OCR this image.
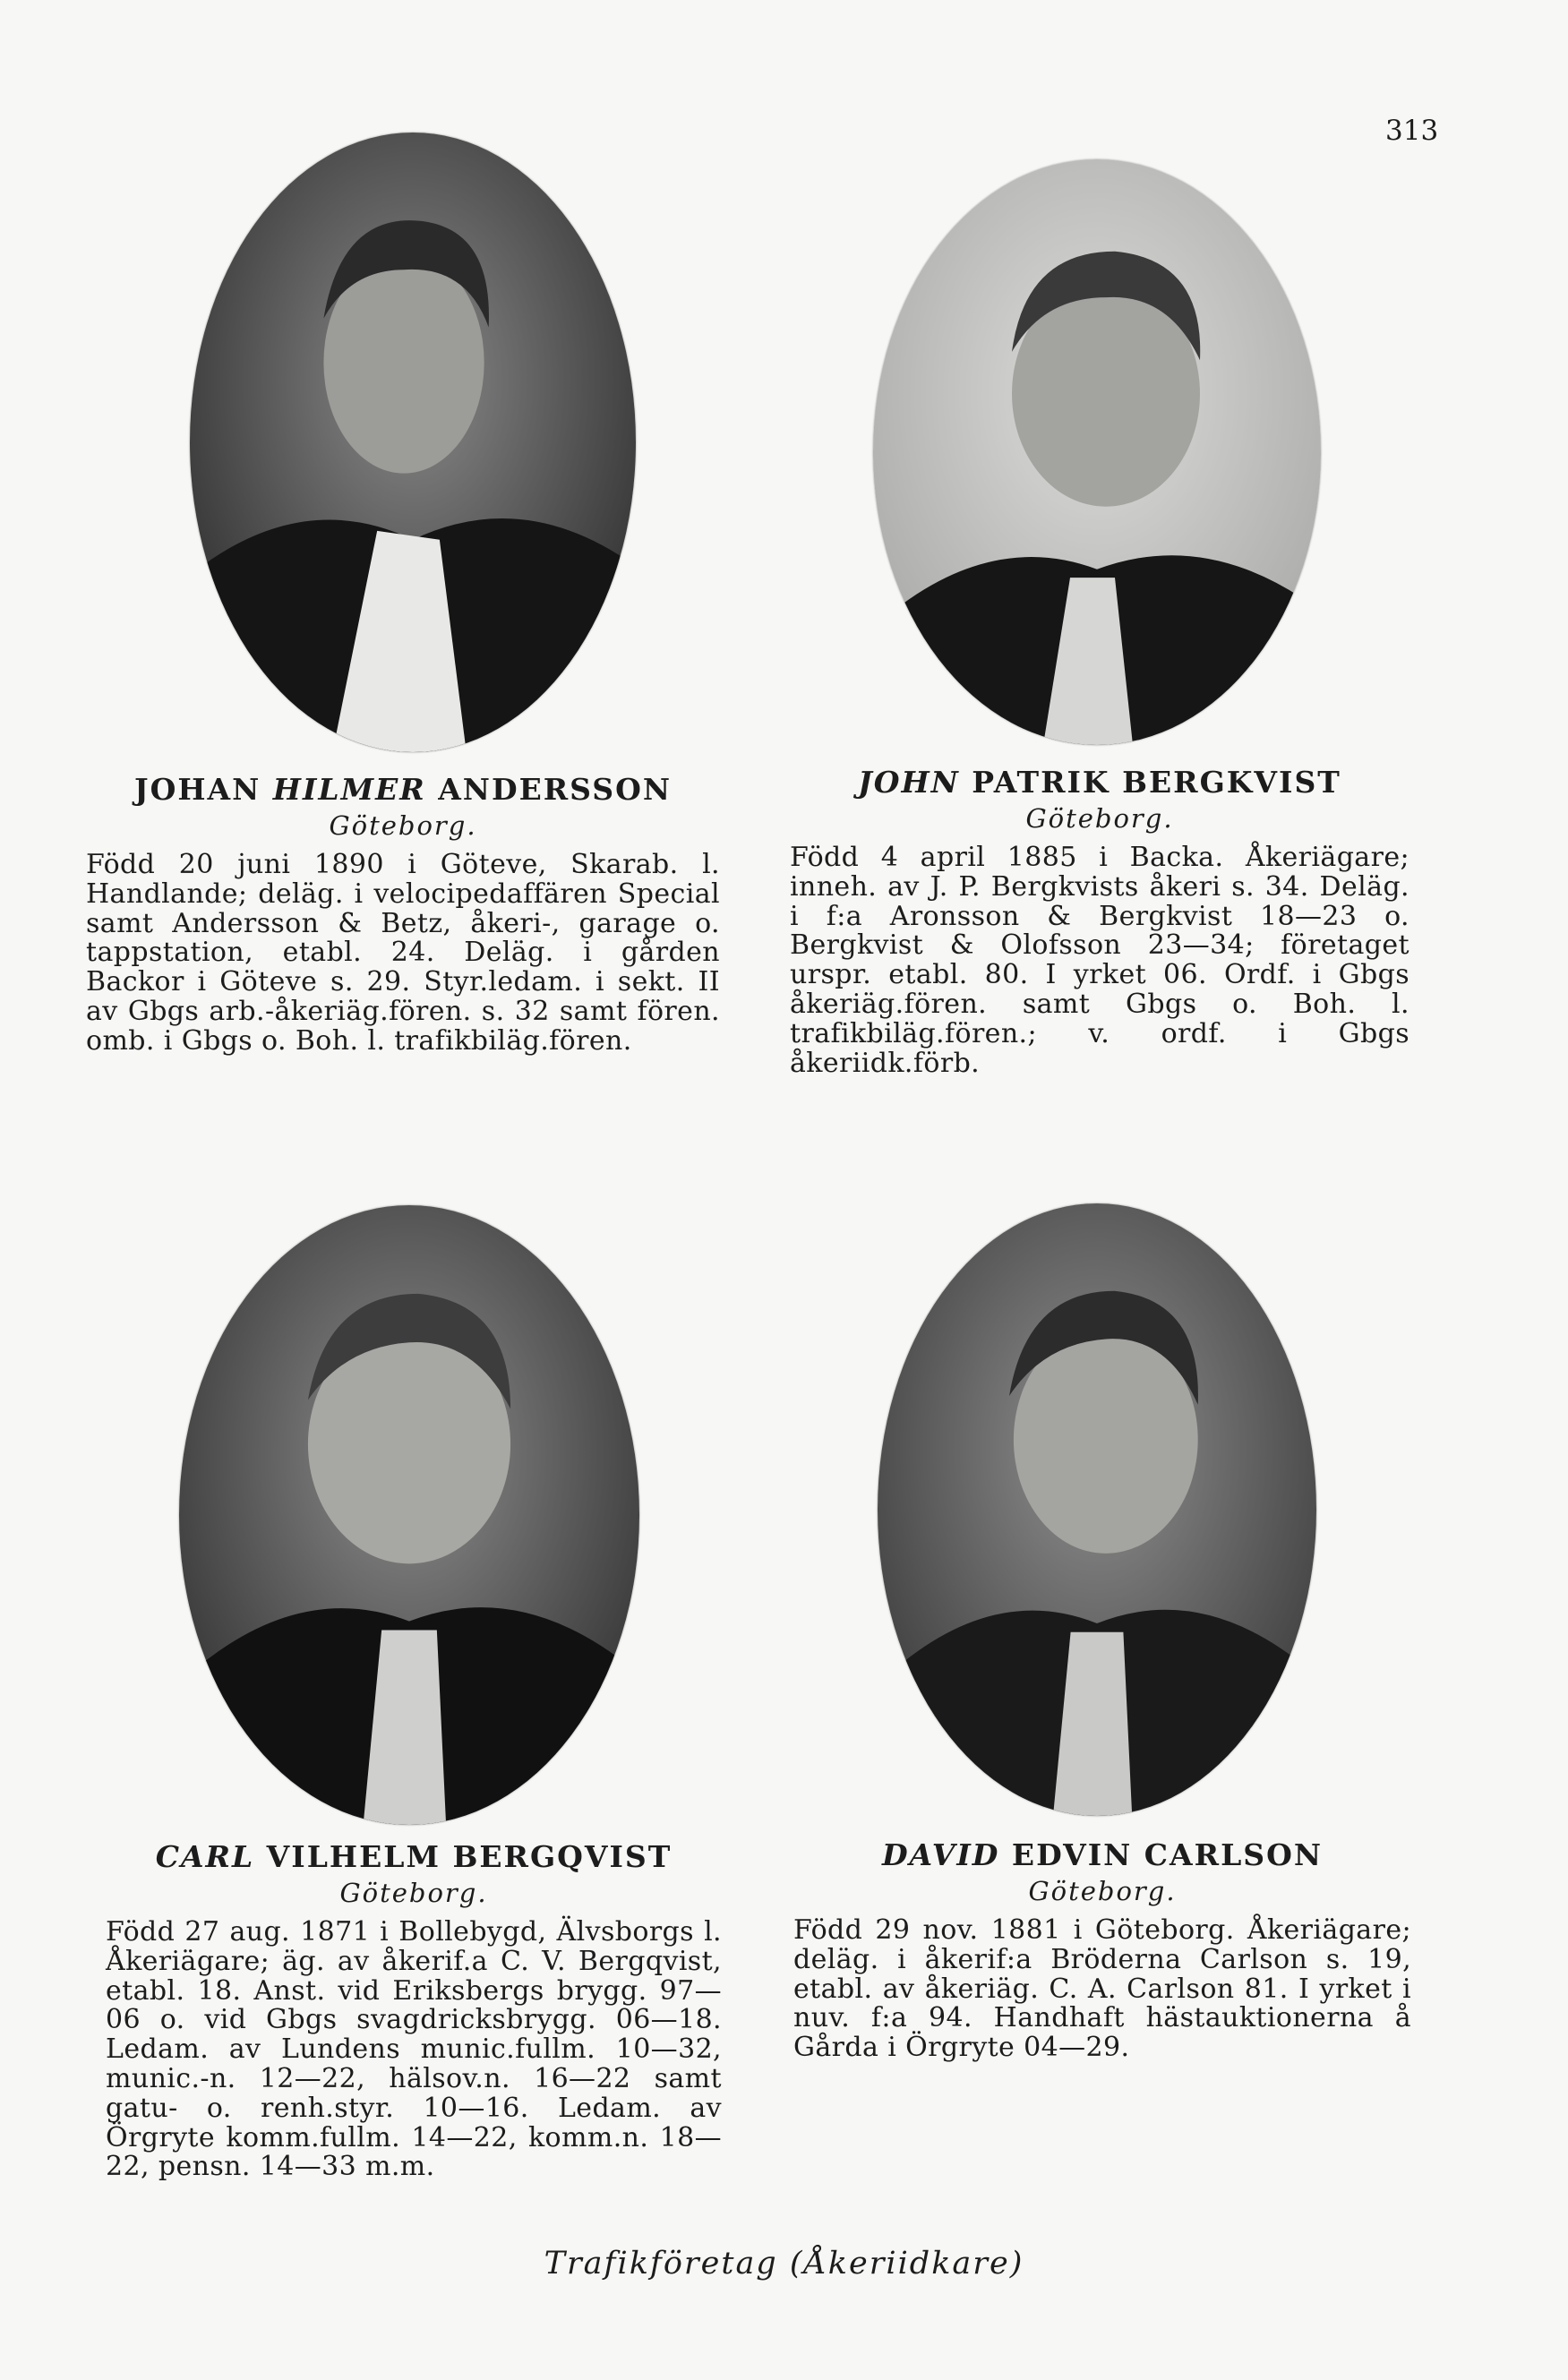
313
JOHAN HILMER ANDERSSON
Göteborg.

Född 20 juni 1890 i Göteve, Skarab. l. Handlande; deläg. i velocipedaffären Special samt Andersson & Betz, åkeri-, garage o. tappstation, etabl. 24. Deläg. i gården Backor i Göteve s. 29. Styr.ledam. i sekt. II av Gbgs arb.-åkeriäg.fören. s. 32 samt fören. omb. i Gbgs o. Boh. l. trafikbiläg.fören.

JOHN PATRIK BERGKVIST
Göteborg.

Född 4 april 1885 i Backa. Åkeriägare; inneh. av J. P. Bergkvists åkeri s. 34. Deläg. i f:a Aronsson & Bergkvist 18—23 o. Bergkvist & Olofsson 23—34; företaget urspr. etabl. 80. I yrket 06. Ordf. i Gbgs åkeriäg.fören. samt Gbgs o. Boh. l. trafikbiläg.fören.; v. ordf. i Gbgs åkeriidk.förb.

CARL VILHELM BERGQVIST
Göteborg.

Född 27 aug. 1871 i Bollebygd, Älvsborgs l. Åkeriägare; äg. av åkerif.a C. V. Bergqvist, etabl. 18. Anst. vid Eriksbergs brygg. 97—06 o. vid Gbgs svagdricksbrygg. 06—18. Ledam. av Lundens munic.fullm. 10—32, munic.-n. 12—22, hälsov.n. 16—22 samt gatu- o. renh.styr. 10—16. Ledam. av Örgryte komm.fullm. 14—22, komm.n. 18—22, pensn. 14—33 m.m.

DAVID EDVIN CARLSON
Göteborg.

Född 29 nov. 1881 i Göteborg. Åkeriägare; deläg. i åkerif:a Bröderna Carlson s. 19, etabl. av åkeriäg. C. A. Carlson 81. I yrket i nuv. f:a 94. Handhaft hästauktionerna å Gårda i Örgryte 04—29.

Trafikföretag (Åkeriidkare)
